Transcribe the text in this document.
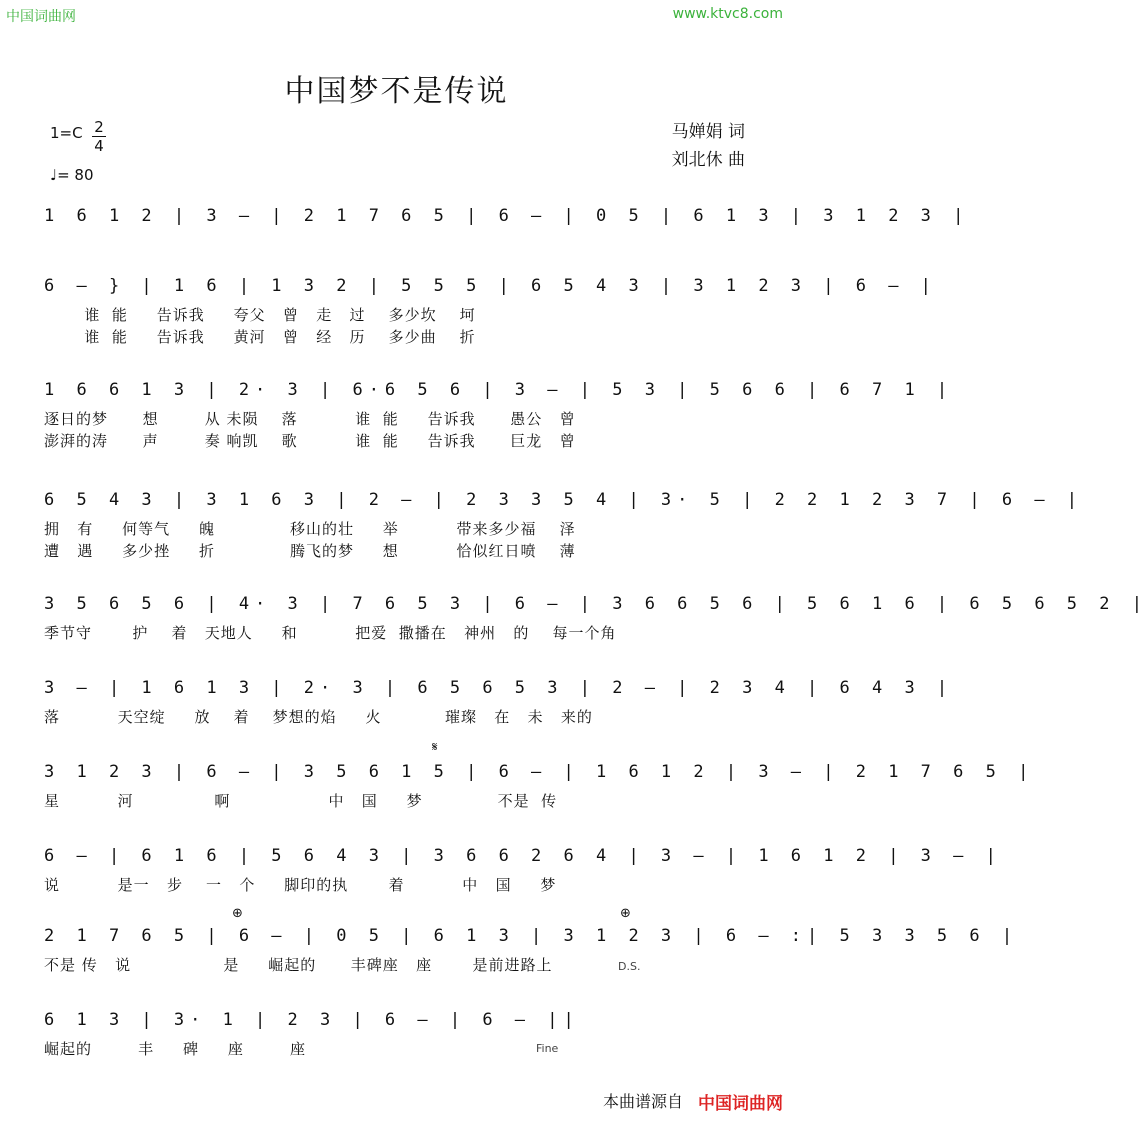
中国词曲网	www.ktvc8.com
中国梦不是传说
马婵娟 词
刘北休 曲
$1=C \frac{2}{4}$
♩= 80
1 6 1 2 | 3 – | 2 1 7 6 5 | 6 – | 0 5 | 6 1 3 | 3 1 2 3 |
6 – } | 1 6 | 1 3 2 | 5 5 5 | 6 5 4 3 | 3 1 2 3 | 6 – |
谁  能     告诉我     夸父   曾   走   过    多少坎    坷
谁  能     告诉我     黄河   曾   经   历    多少曲    折
1 6 6 1 3 | 2· 3 | 6·6 5 6 | 3 – | 5 3 | 5 6 6 | 6 7 1 |
逐日的梦      想        从 未陨    落          谁  能     告诉我      愚公   曾
澎湃的涛      声        奏 响凯    歌          谁  能     告诉我      巨龙   曾
6 5 4 3 | 3 1 6 3 | 2 – | 2 3 3 5 4 | 3· 5 | 2 2 1 2 3 7 | 6 – |
拥   有     何等气     魄             移山的壮     举          带来多少福    泽
遭   遇     多少挫     折             腾飞的梦     想          恰似红日喷    薄
3 5 6 5 6 | 4· 3 | 7 6 5 3 | 6 – | 3 6 6 5 6 | 5 6 1 6 | 6 5 6 5 2 |
季节守       护    着   天地人     和          把爱  撒播在   神州   的    每一个角
3 – | 1 6 1 3 | 2· 3 | 6 5 6 5 3 | 2 – | 2 3 4 | 6 4 3 |
落          天空绽     放    着    梦想的焰     火           璀璨   在   未   来的
3 1 2 3 | 6 – | 3 5 6 1 5 | 6 – | 1 6 1 2 | 3 – | 2 1 7 6 5 |
星          河              啊                 中   国     梦             不是  传
𝄋
6 – | 6 1 6 | 5 6 4 3 | 3 6 6 2 6 4 | 3 – | 1 6 1 2 | 3 – |
说          是一   步    一   个     脚印的执       着          中   国     梦
2 1 7 6 5 | 6 – | 0 5 | 6 1 3 | 3 1 2 3 | 6 – :| 5 3 3 5 6 |
不是 传   说                是     崛起的      丰碑座   座       是前进路上
⊕	⊕
D.S.
6 1 3 | 3· 1 | 2 3 | 6 – | 6 – ||
崛起的        丰     碑     座        座	Fine
本曲谱源自 中国词曲网
